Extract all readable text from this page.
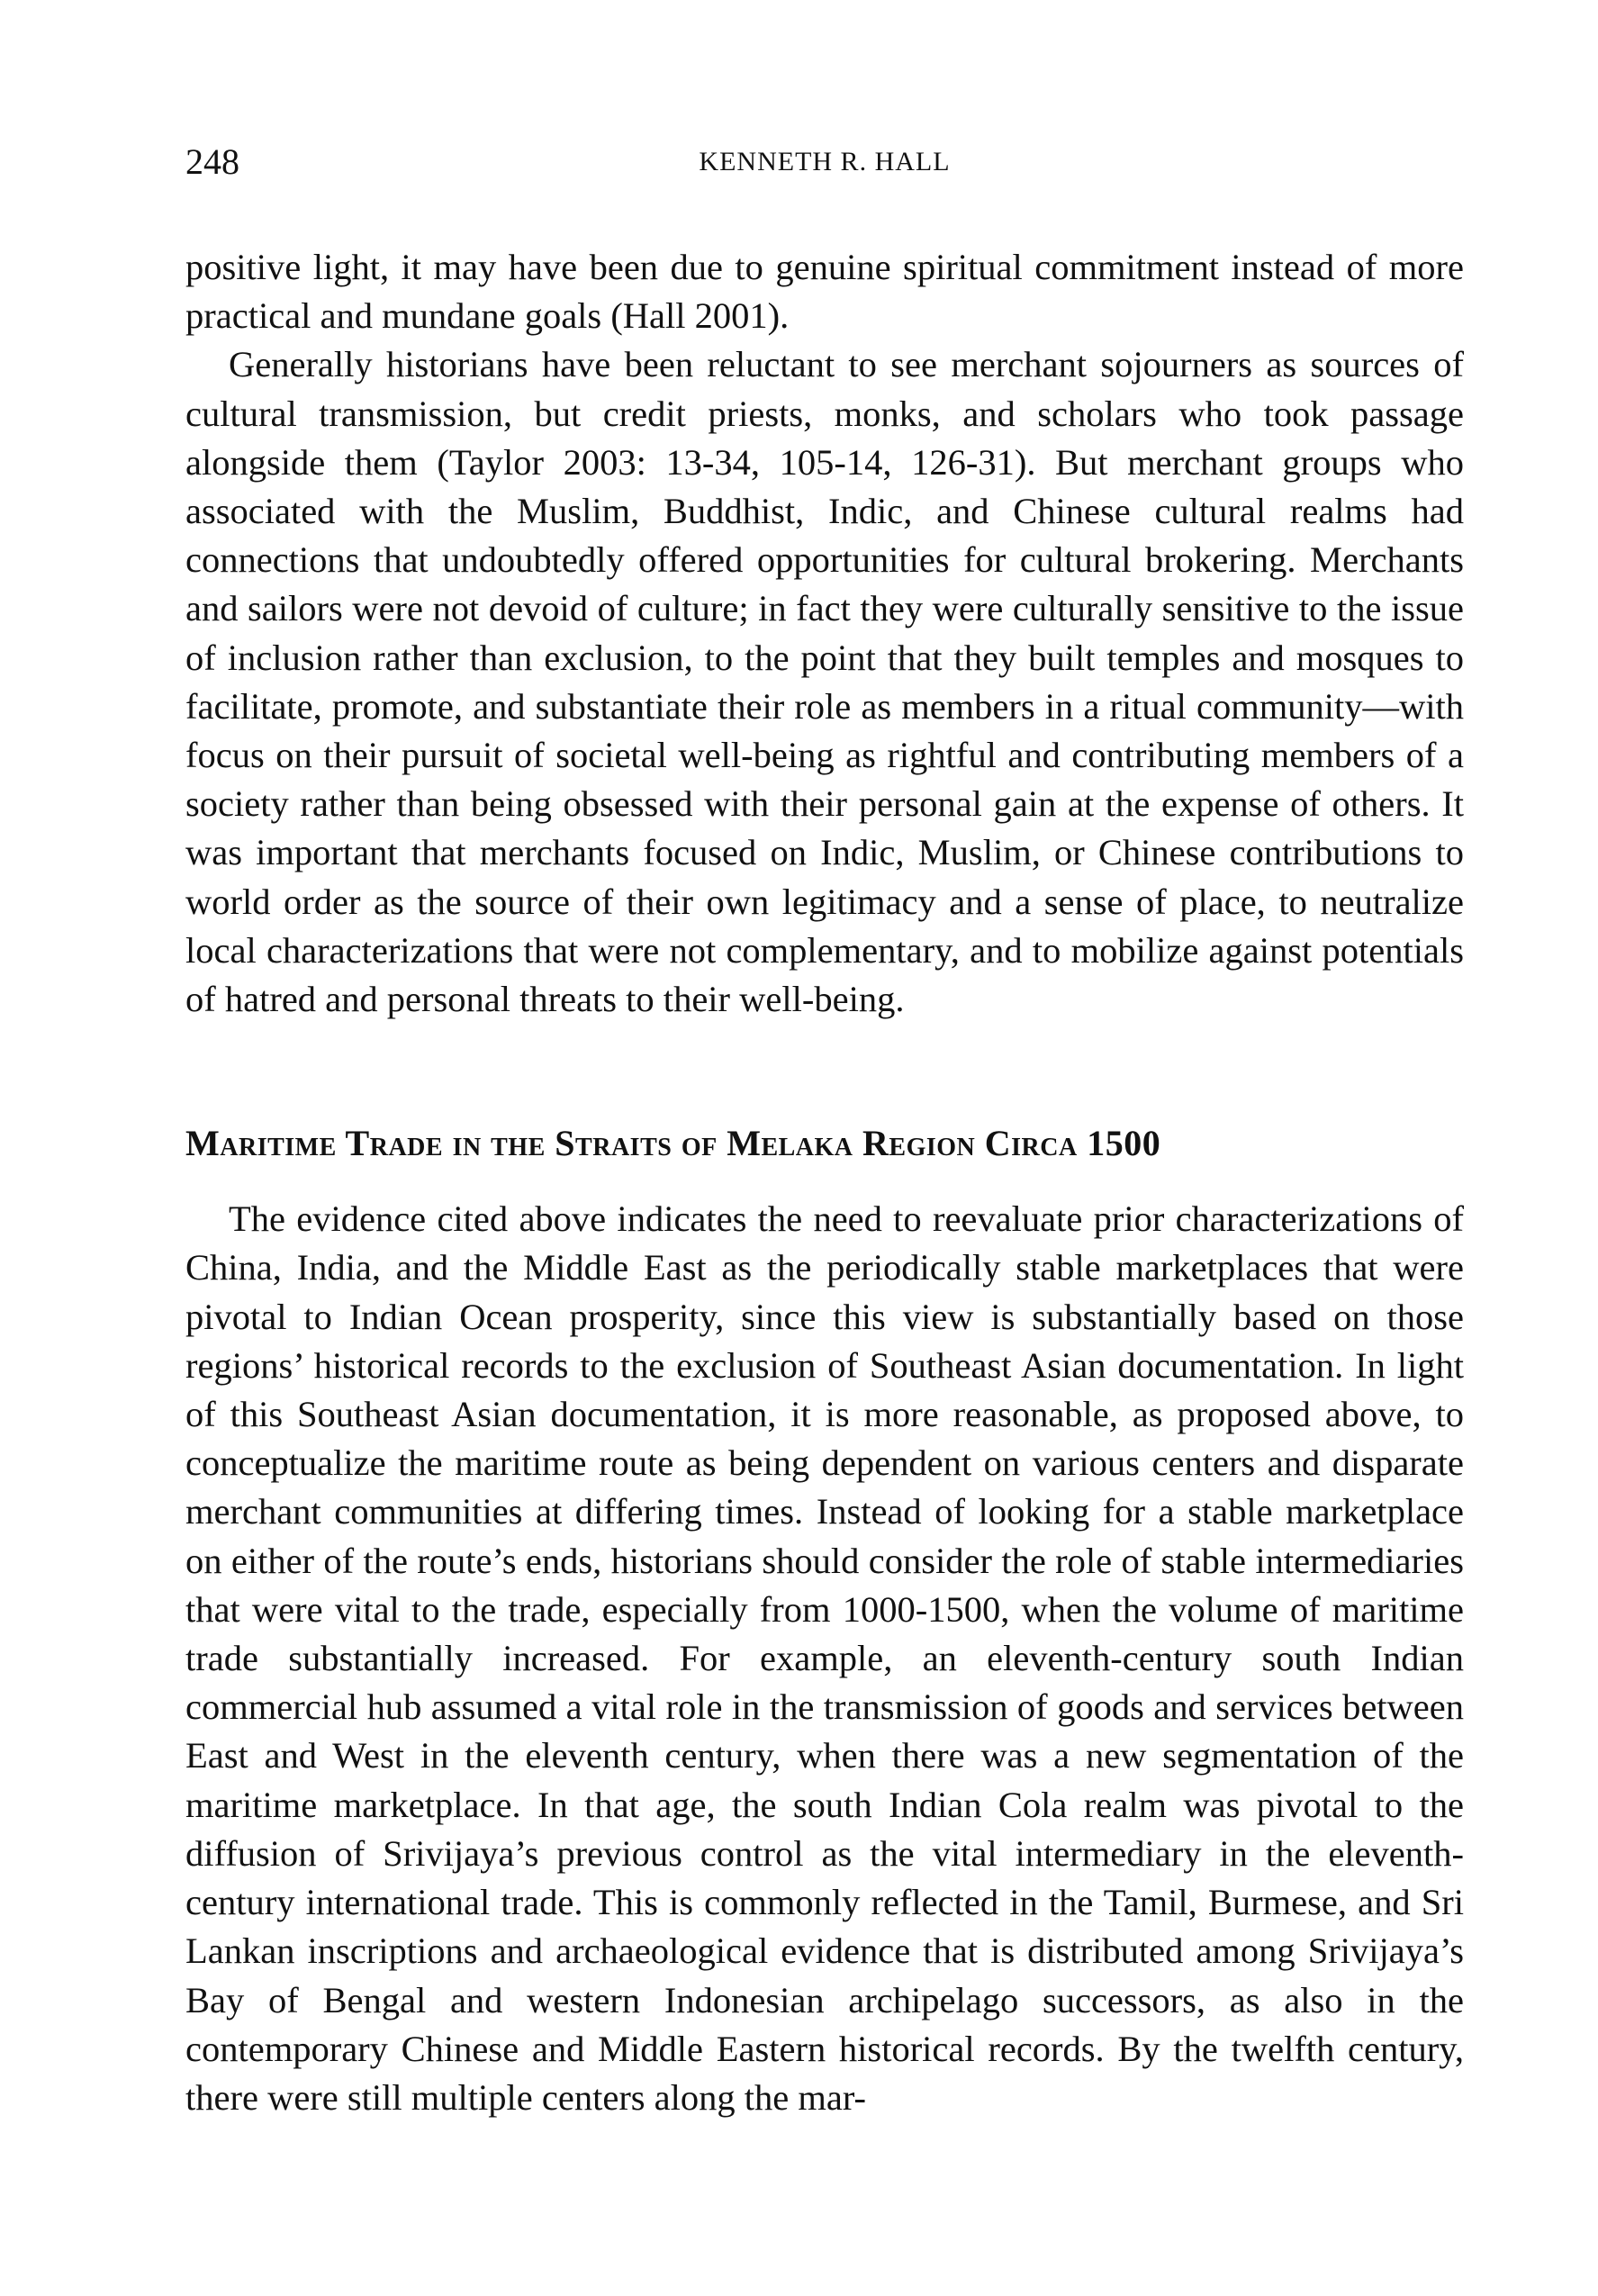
248	KENNETH R. HALL

positive light, it may have been due to genuine spiritual commitment instead of more practical and mundane goals (Hall 2001).

Generally historians have been reluctant to see merchant sojourners as sources of cultural transmission, but credit priests, monks, and scholars who took passage alongside them (Taylor 2003: 13-34, 105-14, 126-31). But merchant groups who associated with the Muslim, Buddhist, Indic, and Chinese cultural realms had connections that undoubtedly offered opportunities for cultural brokering. Merchants and sailors were not devoid of culture; in fact they were culturally sensitive to the issue of inclusion rather than exclusion, to the point that they built temples and mosques to facilitate, promote, and substantiate their role as members in a ritual community—with focus on their pursuit of societal well-being as rightful and contributing members of a society rather than being obsessed with their personal gain at the expense of others. It was important that merchants focused on Indic, Muslim, or Chinese contributions to world order as the source of their own legitimacy and a sense of place, to neutralize local characterizations that were not complementary, and to mobilize against potentials of hatred and personal threats to their well-being.

Maritime Trade in the Straits of Melaka Region Circa 1500

The evidence cited above indicates the need to reevaluate prior characterizations of China, India, and the Middle East as the periodically stable marketplaces that were pivotal to Indian Ocean prosperity, since this view is substantially based on those regions’ historical records to the exclusion of Southeast Asian documentation. In light of this Southeast Asian documentation, it is more reasonable, as proposed above, to conceptualize the maritime route as being dependent on various centers and disparate merchant communities at differing times. Instead of looking for a stable marketplace on either of the route’s ends, historians should consider the role of stable intermediaries that were vital to the trade, especially from 1000-1500, when the volume of maritime trade substantially increased. For example, an eleventh-century south Indian commercial hub assumed a vital role in the transmission of goods and services between East and West in the eleventh century, when there was a new segmentation of the maritime marketplace. In that age, the south Indian Cola realm was pivotal to the diffusion of Srivijaya’s previous control as the vital intermediary in the eleventh-century international trade. This is commonly reflected in the Tamil, Burmese, and Sri Lankan inscriptions and archaeological evidence that is distributed among Srivijaya’s Bay of Bengal and western Indonesian archipelago successors, as also in the contemporary Chinese and Middle Eastern historical records. By the twelfth century, there were still multiple centers along the mar-
